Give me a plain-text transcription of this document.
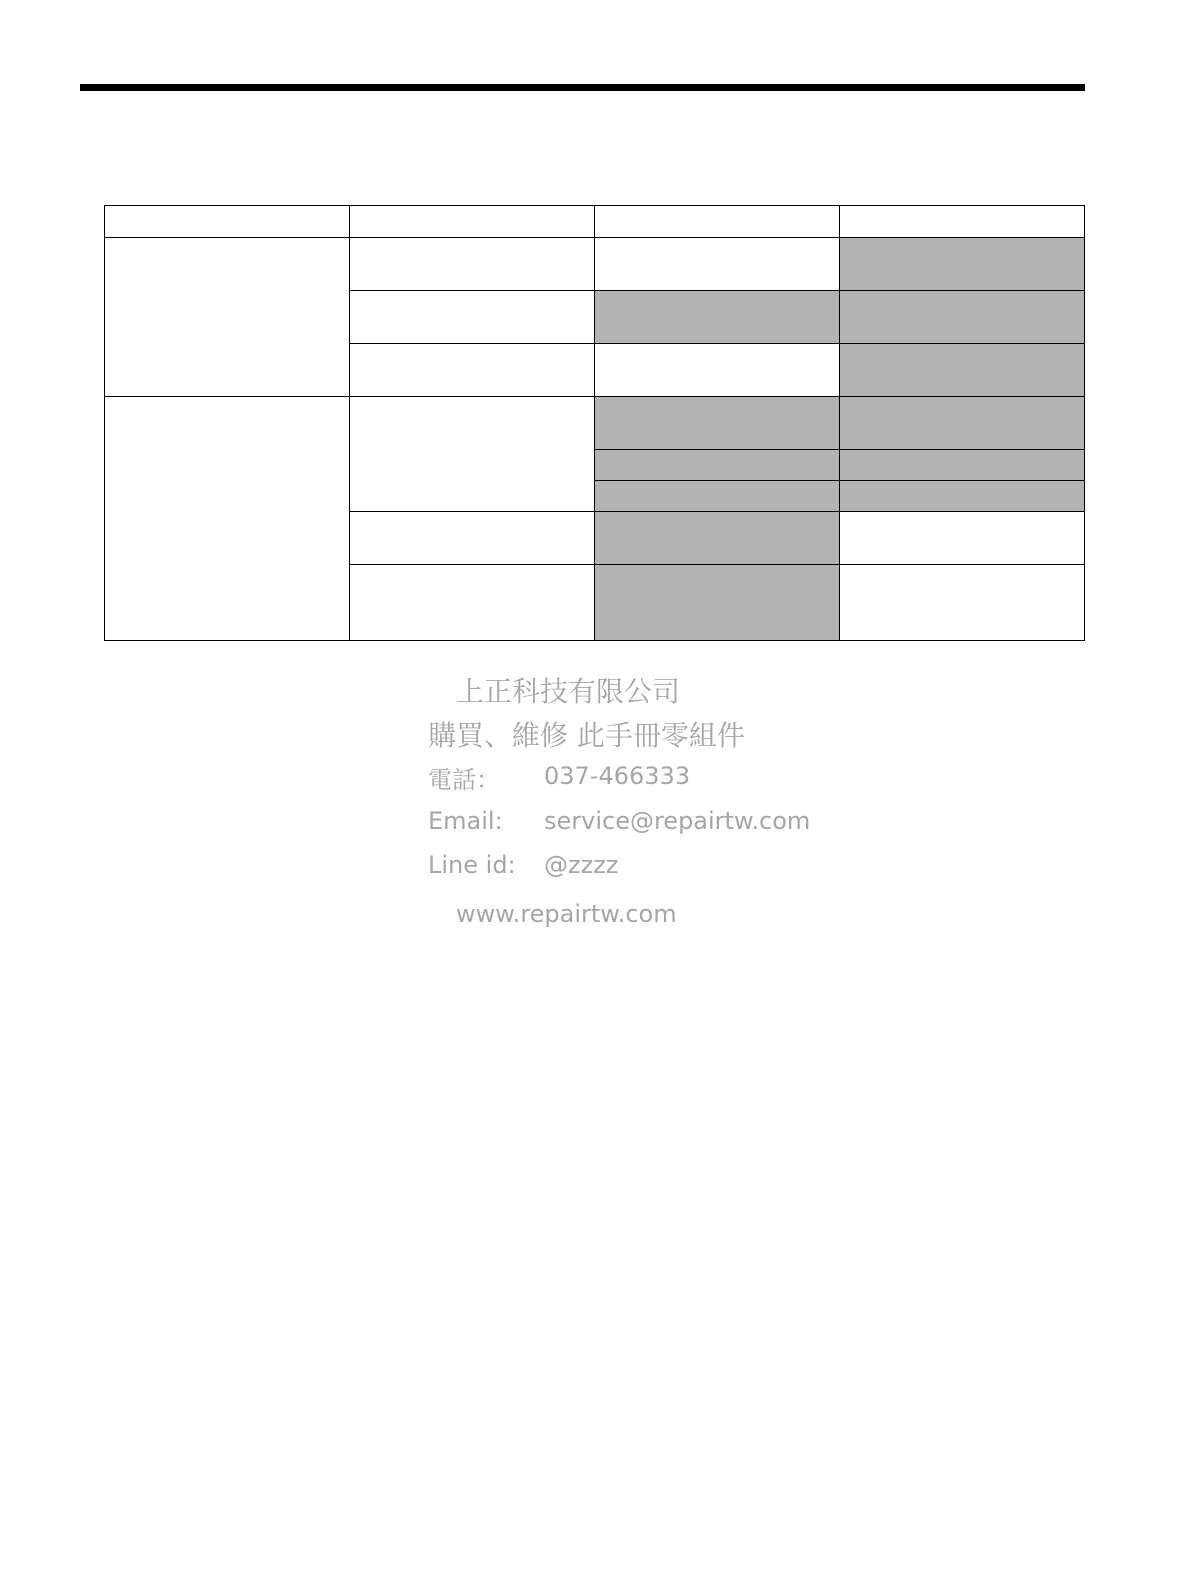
上正科技有限公司
購買、維修 此手冊零組件
電話： 037-466333
Email: service@repairtw.com
Line id: @zzzz
www.repairtw.com
